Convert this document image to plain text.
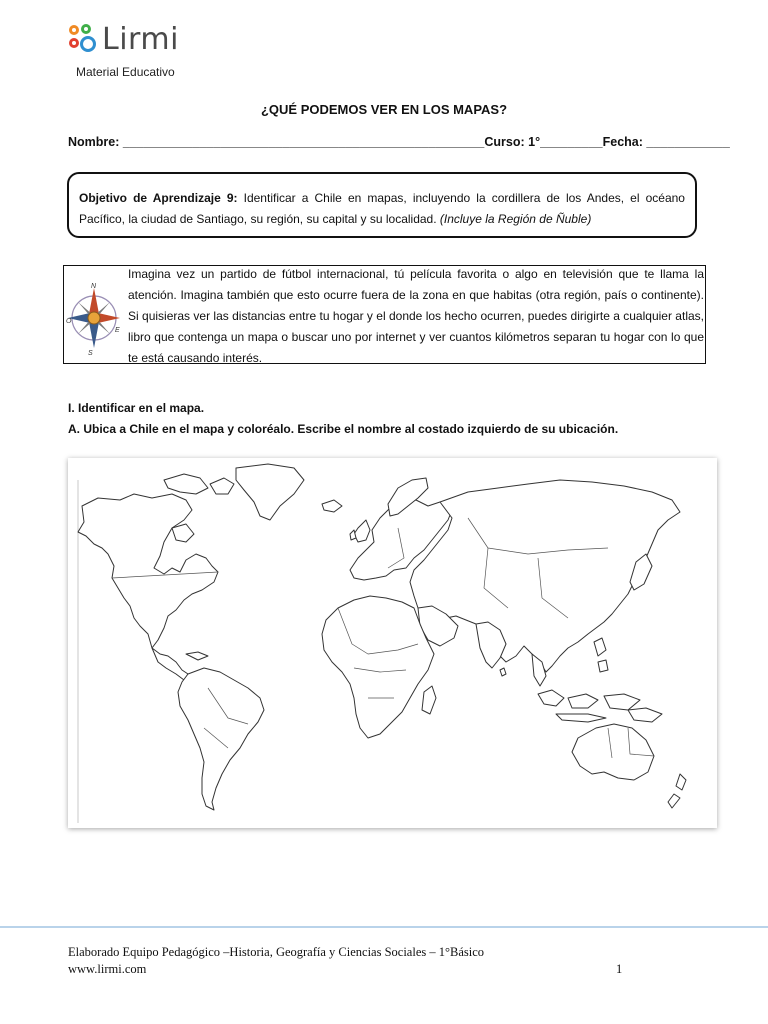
Lirmi
Material Educativo
¿QUÉ PODEMOS VER EN LOS MAPAS?
Nombre: ____________________________________________________Curso: 1°_________Fecha: ____________
Objetivo de Aprendizaje 9: Identificar a Chile en mapas, incluyendo la cordillera de los Andes, el océano Pacífico, la ciudad de Santiago, su región, su capital y su localidad. (Incluye la Región de Ñuble)
N
S
E
O
Imagina vez un partido de fútbol internacional, tú película favorita o algo en televisión que te llama la atención. Imagina también que esto ocurre fuera de la zona en que habitas (otra región, país o continente). Si quisieras ver las distancias entre tu hogar y el donde los hecho ocurren, puedes dirigirte a cualquier atlas, libro que contenga un mapa o buscar uno por internet y ver cuantos kilómetros separan tu hogar con lo que te está causando interés.
I. Identificar en el mapa.
A. Ubica a Chile en el mapa y coloréalo. Escribe el nombre al costado izquierdo de su ubicación.
Elaborado Equipo Pedagógico –Historia, Geografía y Ciencias Sociales – 1°Básico
www.lirmi.com	1
